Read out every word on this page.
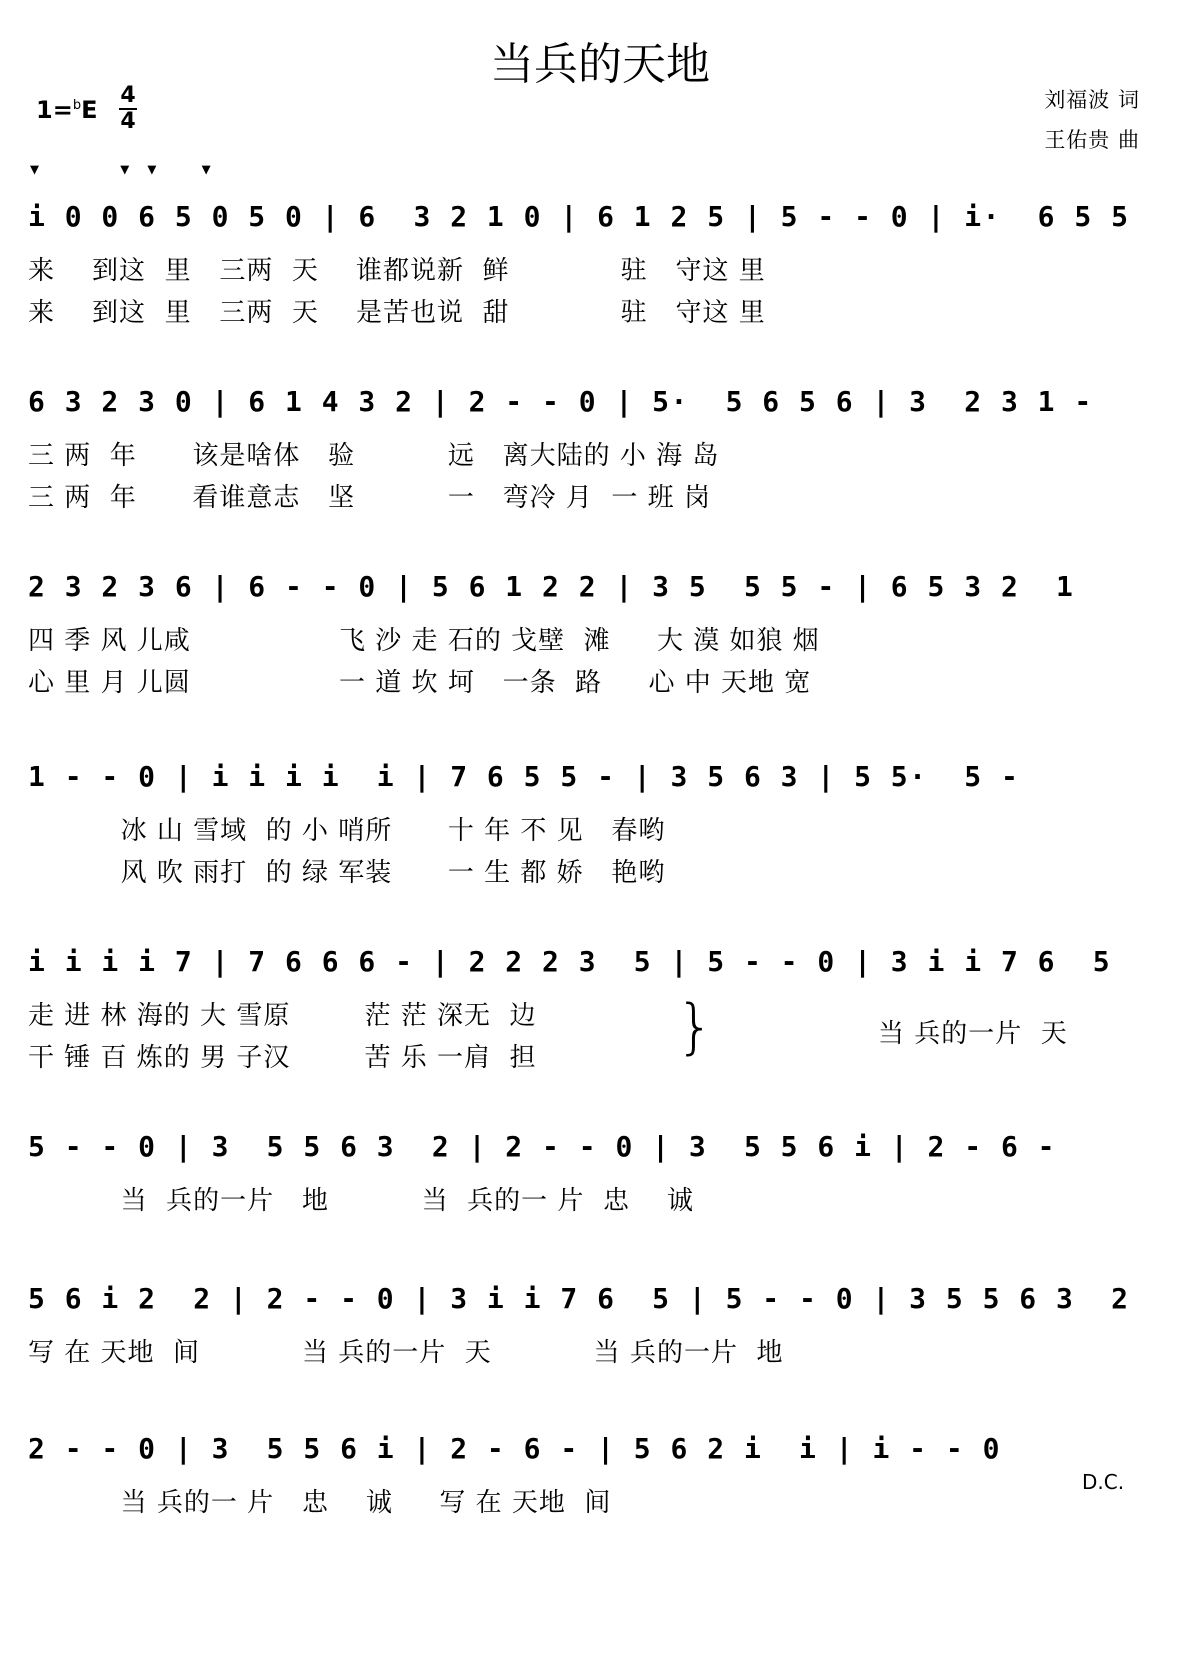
当兵的天地
1=$^b$E
4
4
刘福波 词
王佑贵 曲
▼         ▼  ▼     ▼
i 0 0 6 5 0 5 0 | 6  3 2 1 0 | 6 1 2 5 | 5 - - 0 | i·  6 5 5
来    到这  里   三两  天    谁都说新  鲜            驻   守这 里
来    到这  里   三两  天    是苦也说  甜            驻   守这 里
6 3 2 3 0 | 6 1 4 3 2 | 2 - - 0 | 5·  5 6 5 6 | 3  2 3 1 -
三 两  年      该是啥体   验          远   离大陆的 小 海 岛
三 两  年      看谁意志   坚          一   弯冷 月  一 班 岗
2 3 2 3 6 | 6 - - 0 | 5 6 1 2 2 | 3 5  5 5 - | 6 5 3 2  1
四 季 风 儿咸                飞 沙 走 石的 戈壁  滩     大 漠 如狼 烟
心 里 月 儿圆                一 道 坎 坷   一条  路     心 中 天地 宽
1 - - 0 | i i i i  i | 7 6 5 5 - | 3 5 6 3 | 5 5·  5 -
冰 山 雪域  的 小 哨所      十 年 不 见   春哟
风 吹 雨打  的 绿 军装      一 生 都 娇   艳哟
i i i i 7 | 7 6 6 6 - | 2 2 2 3  5 | 5 - - 0 | 3 i i 7 6  5
走 进 林 海的 大 雪原        茫 茫 深无  边
干 锤 百 炼的 男 子汉        苦 乐 一肩  担 }	当 兵的一片  天
5 - - 0 | 3  5 5 6 3  2 | 2 - - 0 | 3  5 5 6 i | 2 - 6 -
当  兵的一片   地          当  兵的一 片  忠    诚
5 6 i 2  2 | 2 - - 0 | 3 i i 7 6  5 | 5 - - 0 | 3 5 5 6 3  2
写 在 天地  间           当 兵的一片  天           当 兵的一片  地
2 - - 0 | 3  5 5 6 i | 2 - 6 - | 5 6 2 i  i | i - - 0
当 兵的一 片   忠    诚     写 在 天地  间
D.C.
